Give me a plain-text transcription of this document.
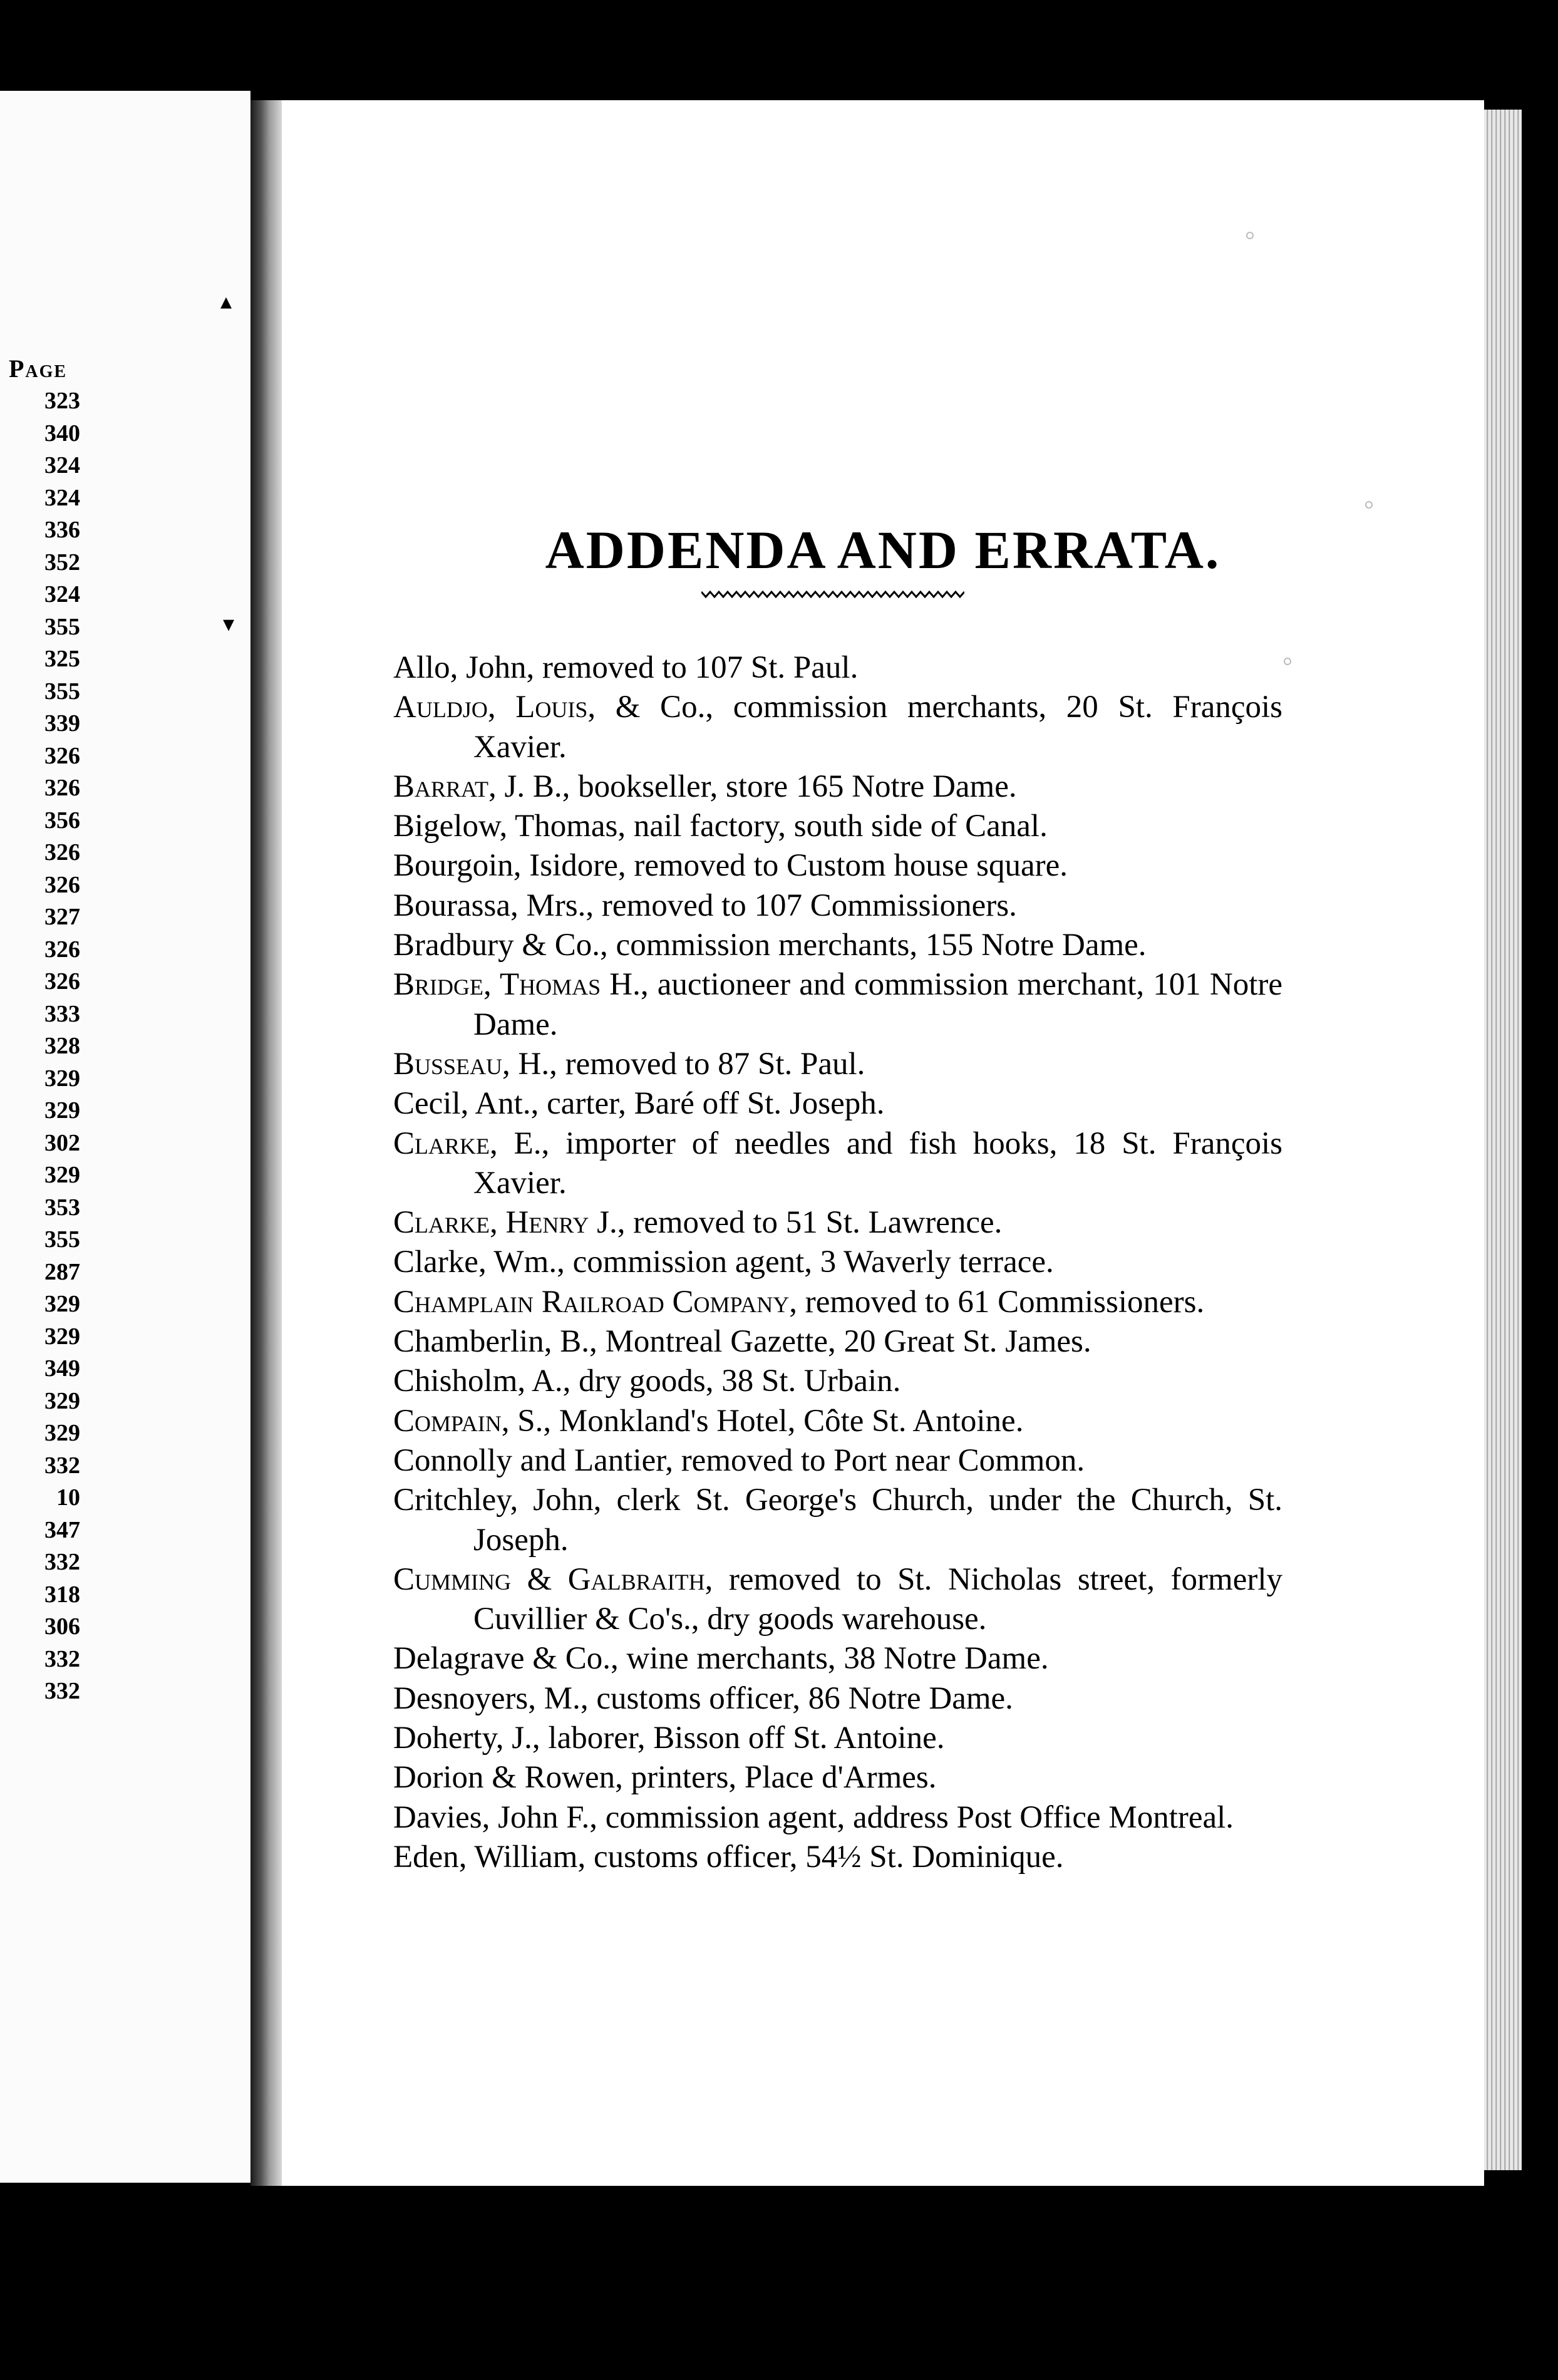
Page
323
340
324
324
336
352
324
355
325
355
339
326
326
356
326
326
327
326
326
333
328
329
329
302
329
353
355
287
329
329
349
329
329
332
10
347
332
318
306
332
332
▴
▾
ADDENDA AND ERRATA.
Allo, John, removed to 107 St. Paul.
Auldjo, Louis, & Co., commission merchants, 20 St. François Xavier.
Barrat, J. B., bookseller, store 165 Notre Dame.
Bigelow, Thomas, nail factory, south side of Canal.
Bourgoin, Isidore, removed to Custom house square.
Bourassa, Mrs., removed to 107 Commissioners.
Bradbury & Co., commission merchants, 155 Notre Dame.
Bridge, Thomas H., auctioneer and commission merchant, 101 Notre Dame.
Busseau, H., removed to 87 St. Paul.
Cecil, Ant., carter, Baré off St. Joseph.
Clarke, E., importer of needles and fish hooks, 18 St. François Xavier.
Clarke, Henry J., removed to 51 St. Lawrence.
Clarke, Wm., commission agent, 3 Waverly terrace.
Champlain Railroad Company, removed to 61 Commissioners.
Chamberlin, B., Montreal Gazette, 20 Great St. James.
Chisholm, A., dry goods, 38 St. Urbain.
Compain, S., Monkland's Hotel, Côte St. Antoine.
Connolly and Lantier, removed to Port near Common.
Critchley, John, clerk St. George's Church, under the Church, St. Joseph.
Cumming & Galbraith, removed to St. Nicholas street, formerly Cuvillier & Co's., dry goods warehouse.
Delagrave & Co., wine merchants, 38 Notre Dame.
Desnoyers, M., customs officer, 86 Notre Dame.
Doherty, J., laborer, Bisson off St. Antoine.
Dorion & Rowen, printers, Place d'Armes.
Davies, John F., commission agent, address Post Office Montreal.
Eden, William, customs officer, 54½ St. Dominique.
